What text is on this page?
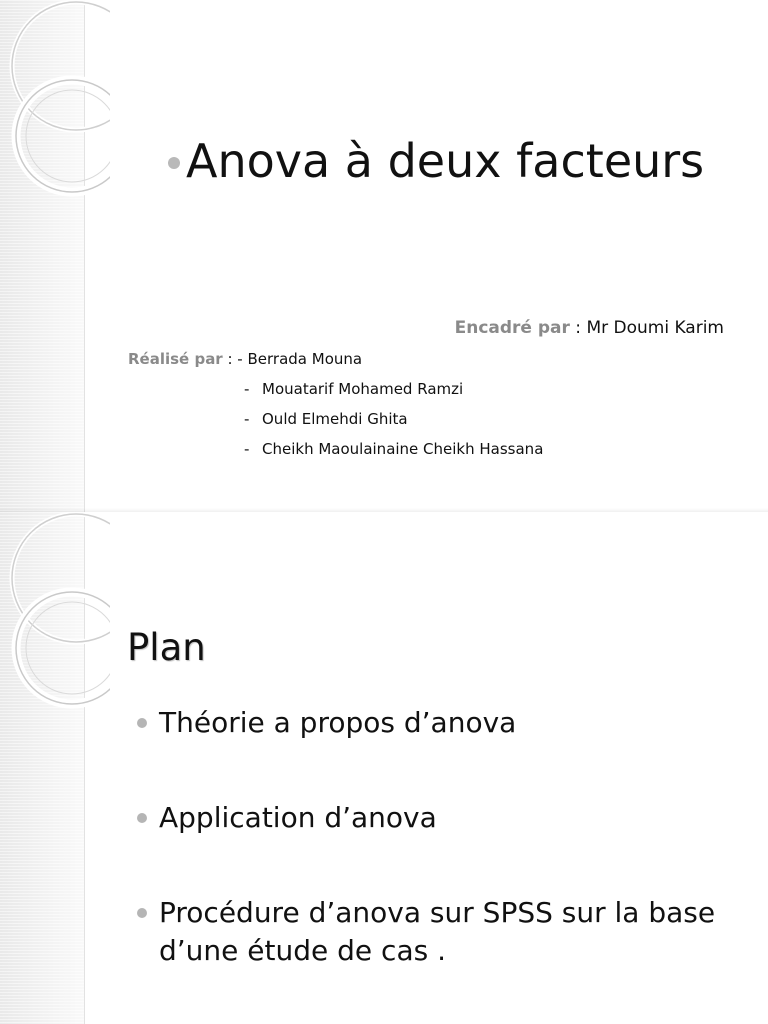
Anova à deux facteurs
Encadré par : Mr Doumi Karim
Réalisé par : - Berrada Mouna
- Mouatarif Mohamed Ramzi
- Ould Elmehdi Ghita
- Cheikh Maoulainaine Cheikh Hassana
Plan
Théorie a propos d’anova
Application d’anova
Procédure d’anova sur SPSS sur la base d’une étude de cas .
